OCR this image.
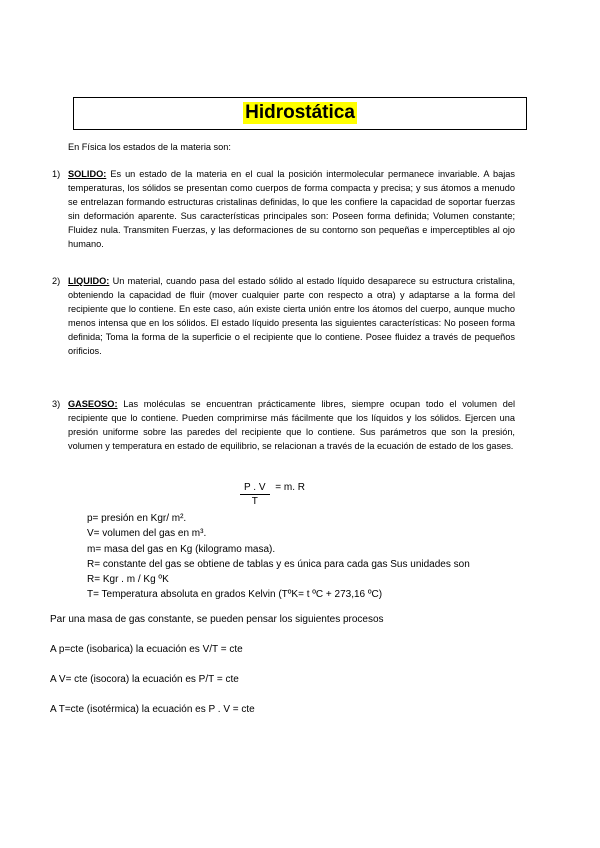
Hidrostática
En Física los estados de la materia son:
1) SOLIDO: Es un estado de la materia en el cual la posición intermolecular permanece invariable. A bajas temperaturas, los sólidos se presentan como cuerpos de forma compacta y precisa; y sus átomos a menudo se entrelazan formando estructuras cristalinas definidas, lo que les confiere la capacidad de soportar fuerzas sin deformación aparente. Sus características principales son: Poseen forma definida; Volumen constante; Fluidez nula. Transmiten Fuerzas, y las deformaciones de su contorno son pequeñas e imperceptibles al ojo humano.
2) LIQUIDO: Un material, cuando pasa del estado sólido al estado líquido desaparece su estructura cristalina, obteniendo la capacidad de fluir (mover cualquier parte con respecto a otra) y adaptarse a la forma del recipiente que lo contiene. En este caso, aún existe cierta unión entre los átomos del cuerpo, aunque mucho menos intensa que en los sólidos. El estado líquido presenta las siguientes características: No poseen forma definida; Toma la forma de la superficie o el recipiente que lo contiene. Posee fluidez a través de pequeños orificios.
3) GASEOSO: Las moléculas se encuentran prácticamente libres, siempre ocupan todo el volumen del recipiente que lo contiene. Pueden comprimirse más fácilmente que los líquidos y los sólidos. Ejercen una presión uniforme sobre las paredes del recipiente que lo contiene. Sus parámetros que son la presión, volumen y temperatura en estado de equilibrio, se relacionan a través de la ecuación de estado de los gases.
$\frac{P . V}{T} = m$. R
p= presión en Kgr/ m².
V= volumen del gas en m³.
m= masa del gas en Kg (kilogramo masa).
R= constante del gas se obtiene de tablas y es única para cada gas Sus unidades son
R= Kgr . m / Kg ºK
T= Temperatura absoluta en grados Kelvin (TºK= t ºC + 273,16 ºC)
Par una masa de gas constante, se pueden pensar los siguientes procesos
A p=cte (isobarica) la ecuación es V/T = cte
A V= cte (isocora) la ecuación es P/T = cte
A T=cte (isotérmica) la ecuación es P . V = cte
